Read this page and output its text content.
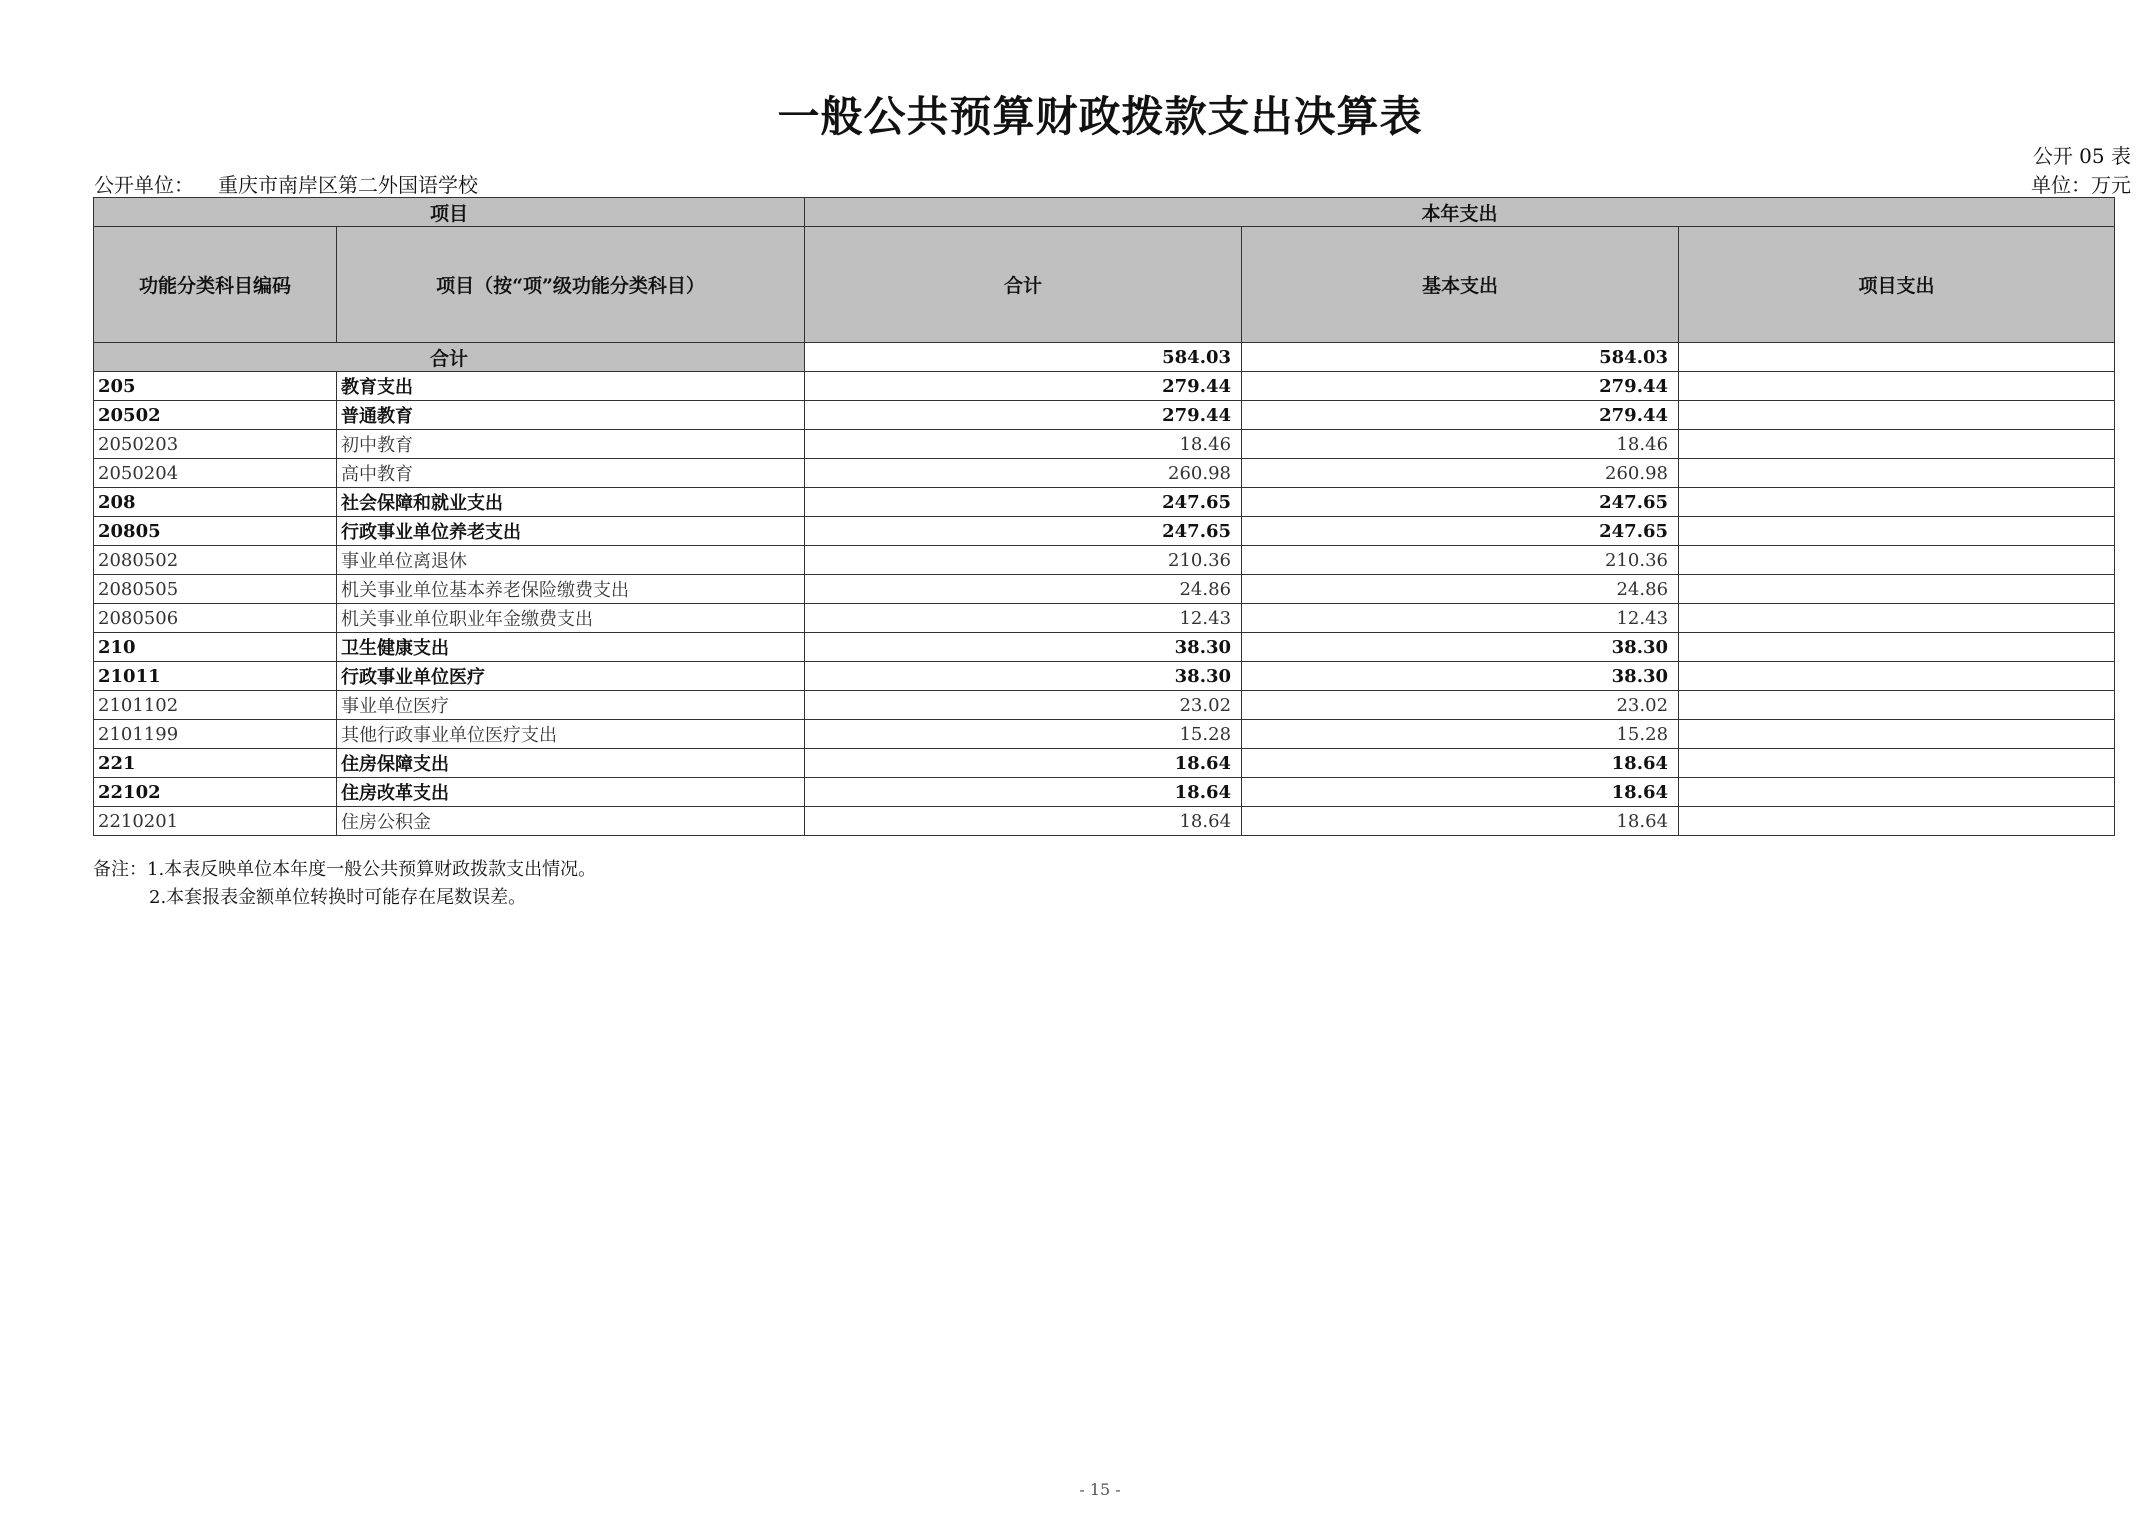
一般公共预算财政拨款支出决算表
公开 05 表
公开单位： 重庆市南岸区第二外国语学校	单位：万元
项目		本年支出		
功能分类科目编码	项目（按“项”级功能分类科目）	合计	基本支出	项目支出
合计		584.03	584.03	
205	教育支出	279.44	279.44	
20502	普通教育	279.44	279.44	
2050203	初中教育	18.46	18.46	
2050204	高中教育	260.98	260.98	
208	社会保障和就业支出	247.65	247.65	
20805	行政事业单位养老支出	247.65	247.65	
2080502	事业单位离退休	210.36	210.36	
2080505	机关事业单位基本养老保险缴费支出	24.86	24.86	
2080506	机关事业单位职业年金缴费支出	12.43	12.43	
210	卫生健康支出	38.30	38.30	
21011	行政事业单位医疗	38.30	38.30	
2101102	事业单位医疗	23.02	23.02	
2101199	其他行政事业单位医疗支出	15.28	15.28	
221	住房保障支出	18.64	18.64	
22102	住房改革支出	18.64	18.64	
2210201	住房公积金	18.64	18.64	
备注：1.本表反映单位本年度一般公共预算财政拨款支出情况。
2.本套报表金额单位转换时可能存在尾数误差。
- 15 -
